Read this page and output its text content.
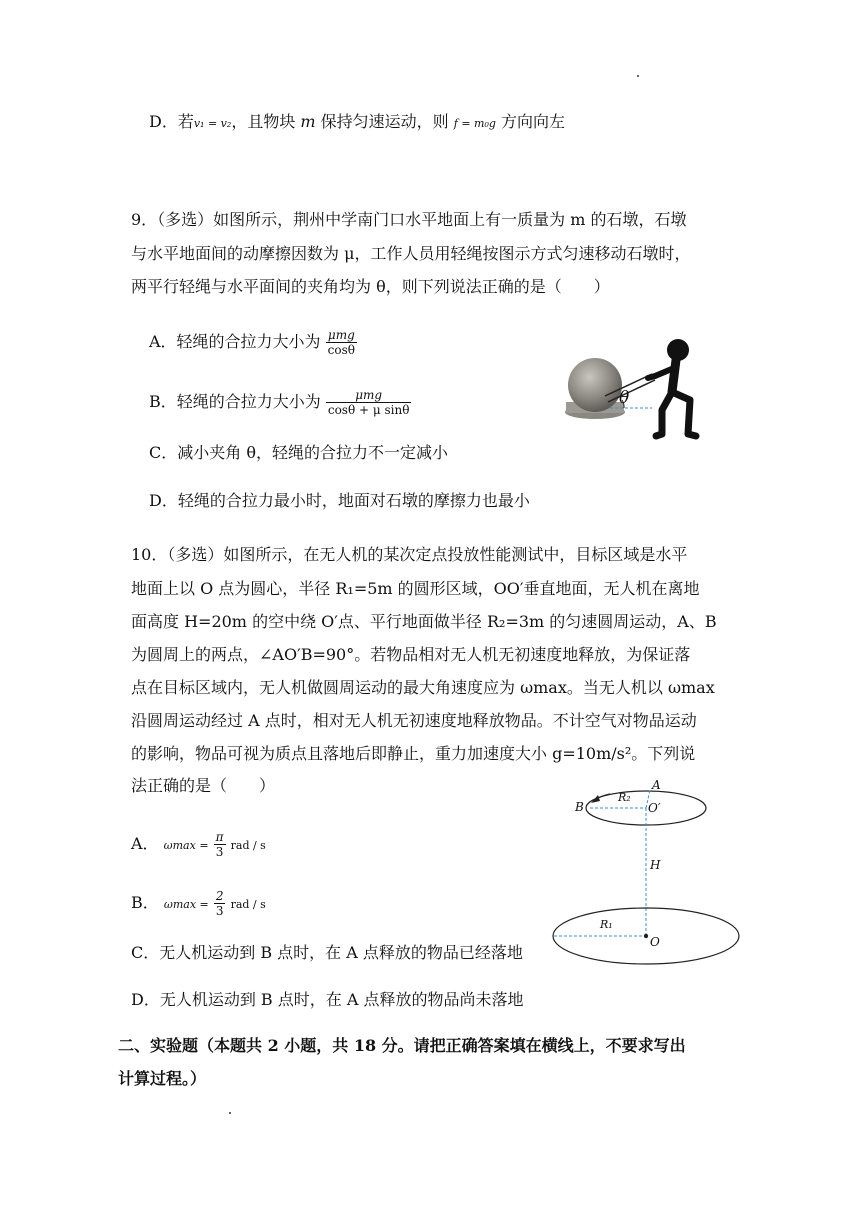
D．若v₁ = v₂，且物块 m 保持匀速运动，则 f = m₀g 方向向左
9．（多选）如图所示，荆州中学南门口水平地面上有一质量为 m 的石墩，石墩
与水平地面间的动摩擦因数为 μ，工作人员用轻绳按图示方式匀速移动石墩时，
两平行轻绳与水平面间的夹角均为 θ，则下列说法正确的是（　　）
A．轻绳的合拉力大小为 $\frac{\text{μmg}}{\cos\theta}$
B．轻绳的合拉力大小为 $\frac{\text{μmg}}{\text{cosθ + μ sinθ}}$
C．减小夹角 θ，轻绳的合拉力不一定减小
D．轻绳的合拉力最小时，地面对石墩的摩擦力也最小
θ
10．（多选）如图所示，在无人机的某次定点投放性能测试中，目标区域是水平
地面上以 O 点为圆心，半径 R₁=5m 的圆形区域，OO′垂直地面，无人机在离地
面高度 H=20m 的空中绕 O′点、平行地面做半径 R₂=3m 的匀速圆周运动，A、B
为圆周上的两点，∠AO′B=90°。若物品相对无人机无初速度地释放，为保证落
点在目标区域内，无人机做圆周运动的最大角速度应为 ωmax。当无人机以 ωmax
沿圆周运动经过 A 点时，相对无人机无初速度地释放物品。不计空气对物品运动
的影响，物品可视为质点且落地后即静止，重力加速度大小 g=10m/s²。下列说
法正确的是（　　）
A． $\omega\max = \frac{\pi}{3}$ rad / s
B． $\omega\max = \frac{2}{3}$ rad / s
C．无人机运动到 B 点时，在 A 点释放的物品已经落地
D．无人机运动到 B 点时，在 A 点释放的物品尚未落地
A
B
R₂
O′
H
R₁
O
二、实验题（本题共 2 小题，共 18 分。请把正确答案填在横线上，不要求写出
计算过程。）
